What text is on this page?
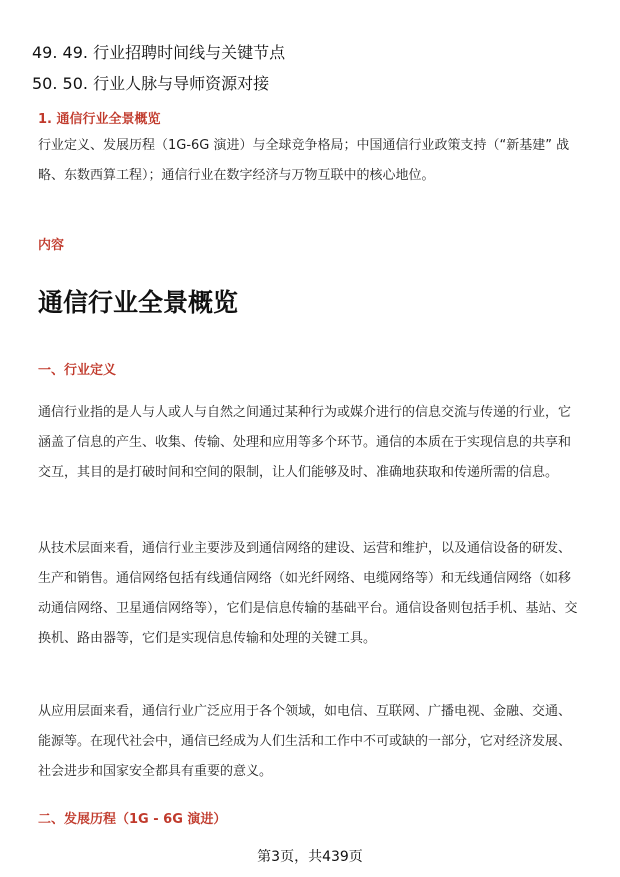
49. 49. 行业招聘时间线与关键节点
50. 50. 行业人脉与导师资源对接
1. 通信行业全景概览
行业定义、发展历程（1G-6G 演进）与全球竞争格局；中国通信行业政策支持（“新基建” 战略、东数西算工程）；通信行业在数字经济与万物互联中的核心地位。
内容
通信行业全景概览
一、行业定义

通信行业指的是人与人或人与自然之间通过某种行为或媒介进行的信息交流与传递的行业，它涵盖了信息的产生、收集、传输、处理和应用等多个环节。通信的本质在于实现信息的共享和交互，其目的是打破时间和空间的限制，让人们能够及时、准确地获取和传递所需的信息。

从技术层面来看，通信行业主要涉及到通信网络的建设、运营和维护，以及通信设备的研发、生产和销售。通信网络包括有线通信网络（如光纤网络、电缆网络等）和无线通信网络（如移动通信网络、卫星通信网络等），它们是信息传输的基础平台。通信设备则包括手机、基站、交换机、路由器等，它们是实现信息传输和处理的关键工具。

从应用层面来看，通信行业广泛应用于各个领域，如电信、互联网、广播电视、金融、交通、能源等。在现代社会中，通信已经成为人们生活和工作中不可或缺的一部分，它对经济发展、社会进步和国家安全都具有重要的意义。

二、发展历程（1G - 6G 演进）
第3页，共439页
